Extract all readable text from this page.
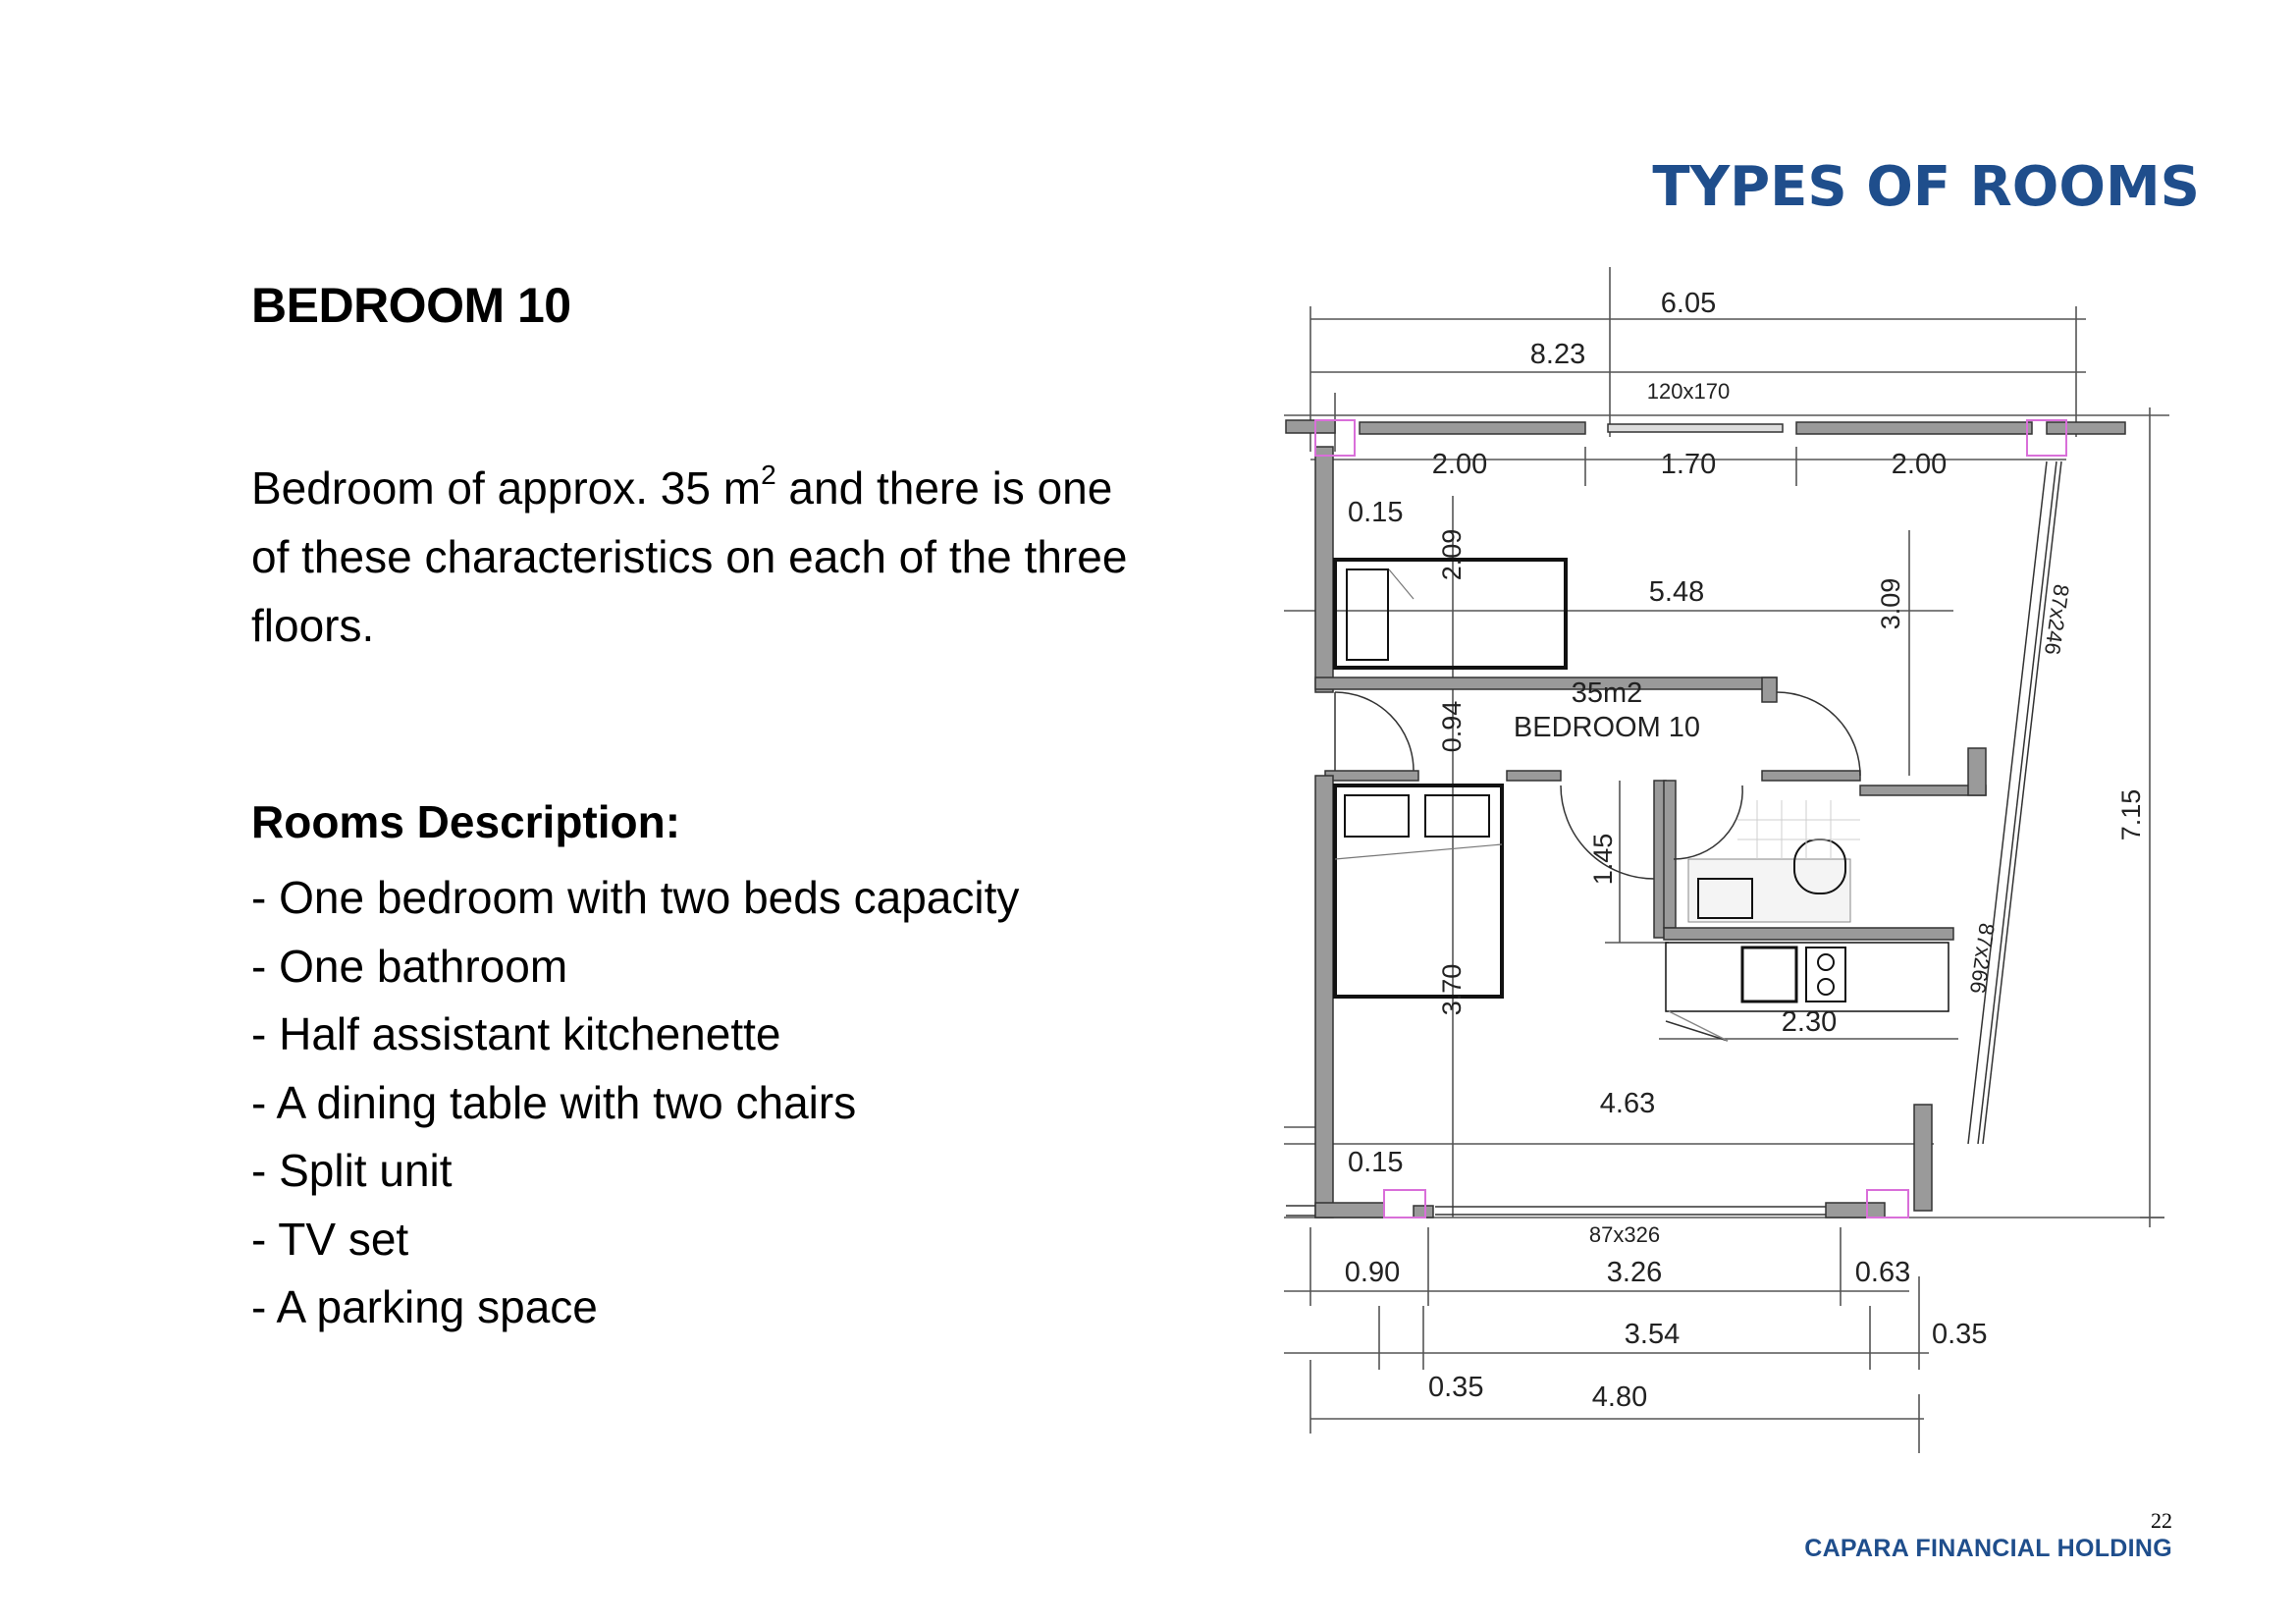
TYPES OF ROOMS
BEDROOM 10
Bedroom of approx. 35 $m^2$ and there is one of these characteristics on each of the three floors.
Rooms Description:
- One bedroom with two beds capacity
- One bathroom
- Half assistant kitchenette
- A dining table with two chairs
- Split unit
- TV set
- A parking space
6.05
8.23
120x170
2.00	1.70	2.00
0.15
2.09
5.48	3.09	87x246
35m2
BEDROOM 10
0.94
7.15
1.45
87x266
3.70
2.30
4.63
0.15
87x326
0.90	3.26	0.63
3.54	0.35
0.35	4.80
22
CAPARA FINANCIAL HOLDING
